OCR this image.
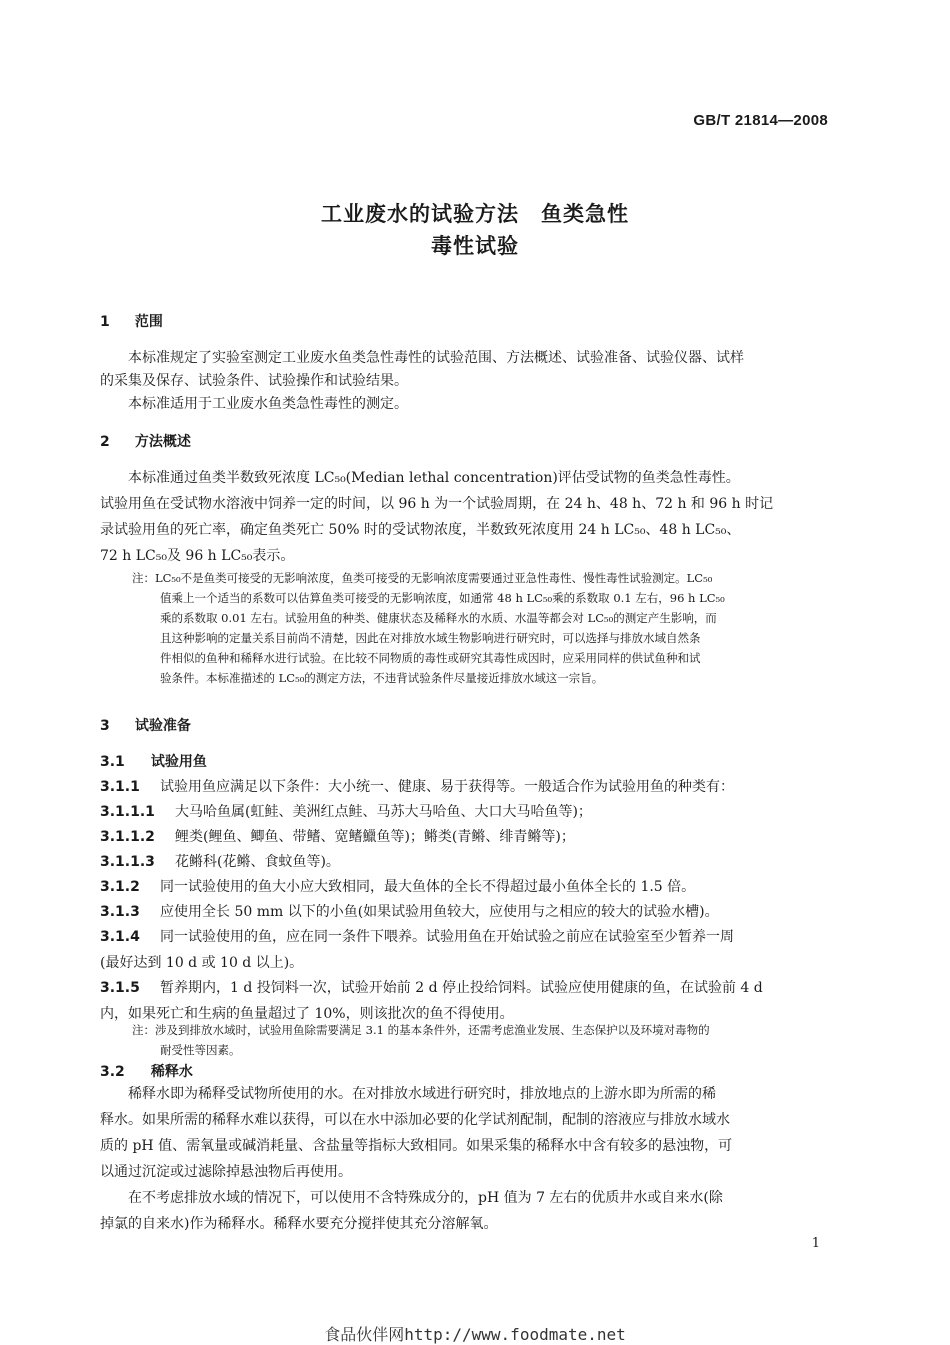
GB/T 21814—2008
工业废水的试验方法　鱼类急性
毒性试验
1 范围
本标准规定了实验室测定工业废水鱼类急性毒性的试验范围、方法概述、试验准备、试验仪器、试样
的采集及保存、试验条件、试验操作和试验结果。
本标准适用于工业废水鱼类急性毒性的测定。
2 方法概述
本标准通过鱼类半数致死浓度 LC₅₀(Median lethal concentration)评估受试物的鱼类急性毒性。
试验用鱼在受试物水溶液中饲养一定的时间，以 96 h 为一个试验周期，在 24 h、48 h、72 h 和 96 h 时记
录试验用鱼的死亡率，确定鱼类死亡 50% 时的受试物浓度，半数致死浓度用 24 h LC₅₀、48 h LC₅₀、
72 h LC₅₀及 96 h LC₅₀表示。
注：LC₅₀不是鱼类可接受的无影响浓度，鱼类可接受的无影响浓度需要通过亚急性毒性、慢性毒性试验测定。LC₅₀
值乘上一个适当的系数可以估算鱼类可接受的无影响浓度，如通常 48 h LC₅₀乘的系数取 0.1 左右，96 h LC₅₀
乘的系数取 0.01 左右。试验用鱼的种类、健康状态及稀释水的水质、水温等都会对 LC₅₀的测定产生影响，而
且这种影响的定量关系目前尚不清楚，因此在对排放水域生物影响进行研究时，可以选择与排放水域自然条
件相似的鱼种和稀释水进行试验。在比较不同物质的毒性或研究其毒性成因时，应采用同样的供试鱼种和试
验条件。本标准描述的 LC₅₀的测定方法，不违背试验条件尽量接近排放水域这一宗旨。
3 试验准备
3.1 试验用鱼
3.1.1 试验用鱼应满足以下条件：大小统一、健康、易于获得等。一般适合作为试验用鱼的种类有：
3.1.1.1 大马哈鱼属(虹鲑、美洲红点鲑、马苏大马哈鱼、大口大马哈鱼等)；
3.1.1.2 鲤类(鲤鱼、鲫鱼、带鳍、宽鳍鱲鱼等)；鳉类(青鳉、绯青鳉等)；
3.1.1.3 花鳉科(花鳉、食蚊鱼等)。
3.1.2 同一试验使用的鱼大小应大致相同，最大鱼体的全长不得超过最小鱼体全长的 1.5 倍。
3.1.3 应使用全长 50 mm 以下的小鱼(如果试验用鱼较大，应使用与之相应的较大的试验水槽)。
3.1.4 同一试验使用的鱼，应在同一条件下喂养。试验用鱼在开始试验之前应在试验室至少暂养一周
(最好达到 10 d 或 10 d 以上)。
3.1.5 暂养期内，1 d 投饲料一次，试验开始前 2 d 停止投给饲料。试验应使用健康的鱼，在试验前 4 d
内，如果死亡和生病的鱼量超过了 10%，则该批次的鱼不得使用。
注：涉及到排放水域时，试验用鱼除需要满足 3.1 的基本条件外，还需考虑渔业发展、生态保护以及环境对毒物的
耐受性等因素。
3.2 稀释水
稀释水即为稀释受试物所使用的水。在对排放水域进行研究时，排放地点的上游水即为所需的稀
释水。如果所需的稀释水难以获得，可以在水中添加必要的化学试剂配制，配制的溶液应与排放水域水
质的 pH 值、需氧量或碱消耗量、含盐量等指标大致相同。如果采集的稀释水中含有较多的悬浊物，可
以通过沉淀或过滤除掉悬浊物后再使用。
在不考虑排放水域的情况下，可以使用不含特殊成分的，pH 值为 7 左右的优质井水或自来水(除
掉氯的自来水)作为稀释水。稀释水要充分搅拌使其充分溶解氧。
1
食品伙伴网http://www.foodmate.net
